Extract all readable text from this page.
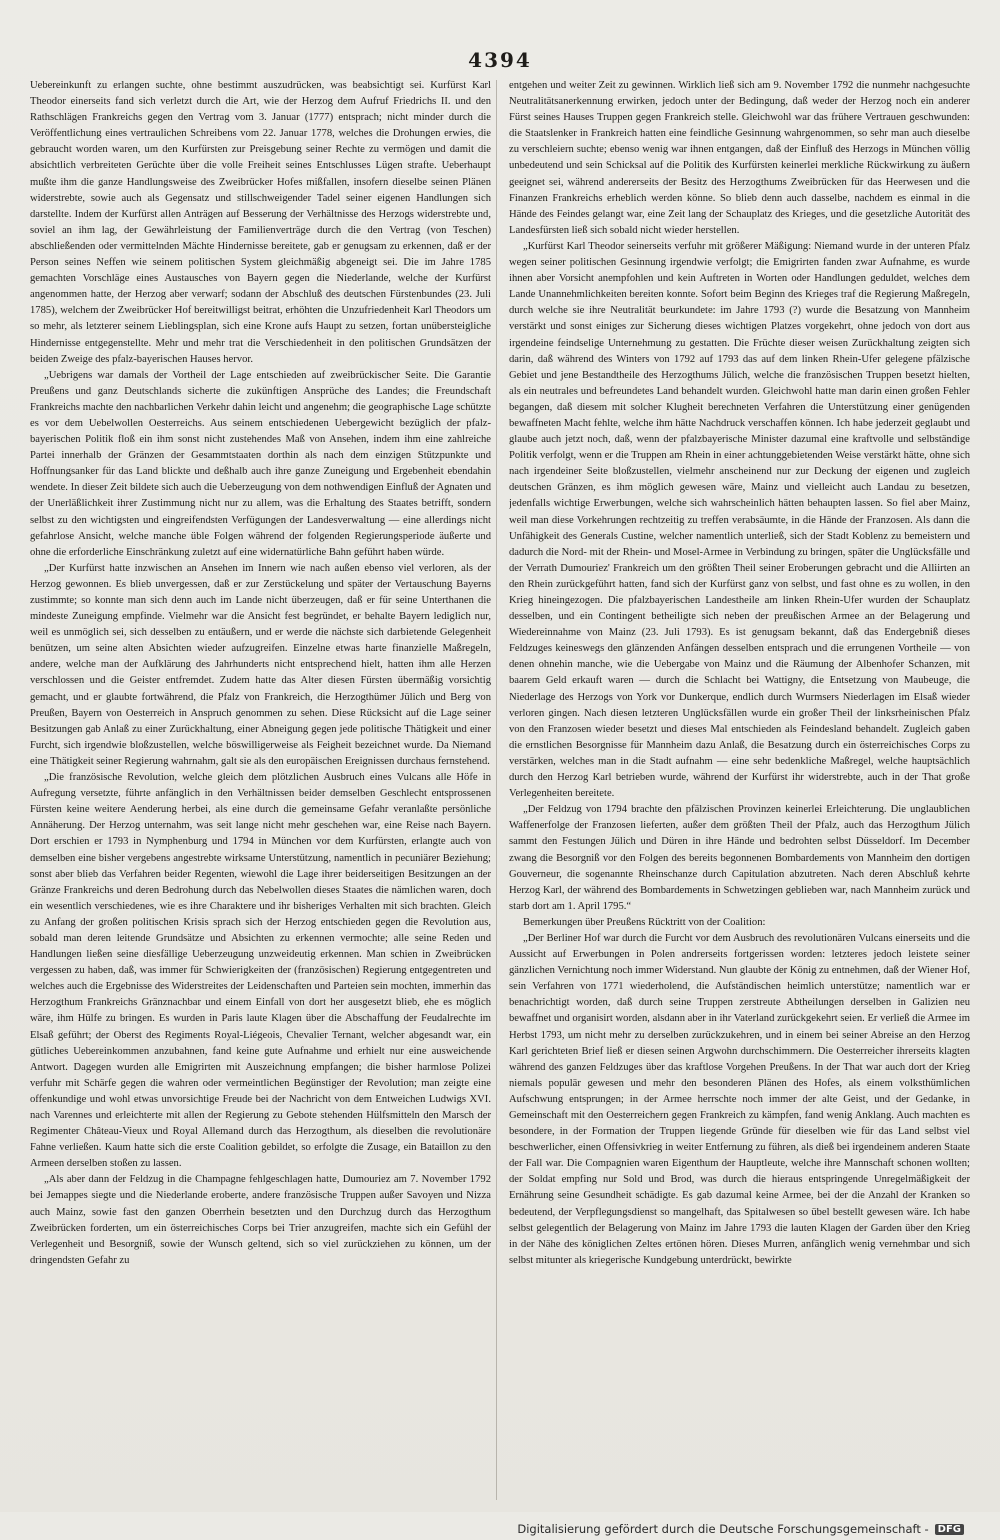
4394

Uebereinkunft zu erlangen suchte, ohne bestimmt auszudrücken, was beabsichtigt sei. Kurfürst Karl Theodor einerseits fand sich verletzt durch die Art, wie der Herzog dem Aufruf Friedrichs II. und den Rathschlägen Frankreichs gegen den Vertrag vom 3. Januar (1777) entsprach; nicht minder durch die Veröffentlichung eines vertraulichen Schreibens vom 22. Januar 1778, welches die Drohungen erwies, die gebraucht worden waren, um den Kurfürsten zur Preisgebung seiner Rechte zu vermögen und damit die absichtlich verbreiteten Gerüchte über die volle Freiheit seines Entschlusses Lügen strafte. Ueberhaupt mußte ihm die ganze Handlungsweise des Zweibrücker Hofes mißfallen, insofern dieselbe seinen Plänen widerstrebte, sowie auch als Gegensatz und stillschweigender Tadel seiner eigenen Handlungen sich darstellte. Indem der Kurfürst allen Anträgen auf Besserung der Verhältnisse des Herzogs widerstrebte und, soviel an ihm lag, der Gewährleistung der Familienverträge durch die den Vertrag (von Teschen) abschließenden oder vermittelnden Mächte Hindernisse bereitete, gab er genugsam zu erkennen, daß er der Person seines Neffen wie seinem politischen System gleichmäßig abgeneigt sei. Die im Jahre 1785 gemachten Vorschläge eines Austausches von Bayern gegen die Niederlande, welche der Kurfürst angenommen hatte, der Herzog aber verwarf; sodann der Abschluß des deutschen Fürstenbundes (23. Juli 1785), welchem der Zweibrücker Hof bereitwilligst beitrat, erhöhten die Unzufriedenheit Karl Theodors um so mehr, als letzterer seinem Lieblingsplan, sich eine Krone aufs Haupt zu setzen, fortan unübersteigliche Hindernisse entgegenstellte. Mehr und mehr trat die Verschiedenheit in den politischen Grundsätzen der beiden Zweige des pfalz-bayerischen Hauses hervor.

„Uebrigens war damals der Vortheil der Lage entschieden auf zweibrückischer Seite. Die Garantie Preußens und ganz Deutschlands sicherte die zukünftigen Ansprüche des Landes; die Freundschaft Frankreichs machte den nachbarlichen Verkehr dahin leicht und angenehm; die geographische Lage schützte es vor dem Uebelwollen Oesterreichs. Aus seinem entschiedenen Uebergewicht bezüglich der pfalz-bayerischen Politik floß ein ihm sonst nicht zustehendes Maß von Ansehen, indem ihm eine zahlreiche Partei innerhalb der Gränzen der Gesammtstaaten dorthin als nach dem einzigen Stützpunkte und Hoffnungsanker für das Land blickte und deßhalb auch ihre ganze Zuneigung und Ergebenheit ebendahin wendete. In dieser Zeit bildete sich auch die Ueberzeugung von dem nothwendigen Einfluß der Agnaten und der Unerläßlichkeit ihrer Zustimmung nicht nur zu allem, was die Erhaltung des Staates betrifft, sondern selbst zu den wichtigsten und eingreifendsten Verfügungen der Landesverwaltung — eine allerdings nicht gefahrlose Ansicht, welche manche üble Folgen während der folgenden Regierungsperiode äußerte und ohne die erforderliche Einschränkung zuletzt auf eine widernatürliche Bahn geführt haben würde.

„Der Kurfürst hatte inzwischen an Ansehen im Innern wie nach außen ebenso viel verloren, als der Herzog gewonnen. Es blieb unvergessen, daß er zur Zerstückelung und später der Vertauschung Bayerns zustimmte; so konnte man sich denn auch im Lande nicht überzeugen, daß er für seine Unterthanen die mindeste Zuneigung empfinde. Vielmehr war die Ansicht fest begründet, er behalte Bayern lediglich nur, weil es unmöglich sei, sich desselben zu entäußern, und er werde die nächste sich darbietende Gelegenheit benützen, um seine alten Absichten wieder aufzugreifen. Einzelne etwas harte finanzielle Maßregeln, andere, welche man der Aufklärung des Jahrhunderts nicht entsprechend hielt, hatten ihm alle Herzen verschlossen und die Geister entfremdet. Zudem hatte das Alter diesen Fürsten übermäßig vorsichtig gemacht, und er glaubte fortwährend, die Pfalz von Frankreich, die Herzogthümer Jülich und Berg von Preußen, Bayern von Oesterreich in Anspruch genommen zu sehen. Diese Rücksicht auf die Lage seiner Besitzungen gab Anlaß zu einer Zurückhaltung, einer Abneigung gegen jede politische Thätigkeit und einer Furcht, sich irgendwie bloßzustellen, welche böswilligerweise als Feigheit bezeichnet wurde. Da Niemand eine Thätigkeit seiner Regierung wahrnahm, galt sie als den europäischen Ereignissen durchaus fernstehend.

„Die französische Revolution, welche gleich dem plötzlichen Ausbruch eines Vulcans alle Höfe in Aufregung versetzte, führte anfänglich in den Verhältnissen beider demselben Geschlecht entsprossenen Fürsten keine weitere Aenderung herbei, als eine durch die gemeinsame Gefahr veranlaßte persönliche Annäherung. Der Herzog unternahm, was seit lange nicht mehr geschehen war, eine Reise nach Bayern. Dort erschien er 1793 in Nymphenburg und 1794 in München vor dem Kurfürsten, erlangte auch von demselben eine bisher vergebens angestrebte wirksame Unterstützung, namentlich in pecuniärer Beziehung; sonst aber blieb das Verfahren beider Regenten, wiewohl die Lage ihrer beiderseitigen Besitzungen an der Gränze Frankreichs und deren Bedrohung durch das Nebelwollen dieses Staates die nämlichen waren, doch ein wesentlich verschiedenes, wie es ihre Charaktere und ihr bisheriges Verhalten mit sich brachten. Gleich zu Anfang der großen politischen Krisis sprach sich der Herzog entschieden gegen die Revolution aus, sobald man deren leitende Grundsätze und Absichten zu erkennen vermochte; alle seine Reden und Handlungen ließen seine diesfällige Ueberzeugung unzweideutig erkennen. Man schien in Zweibrücken vergessen zu haben, daß, was immer für Schwierigkeiten der (französischen) Regierung entgegentreten und welches auch die Ergebnisse des Widerstreites der Leidenschaften und Parteien sein mochten, immerhin das Herzogthum Frankreichs Gränznachbar und einem Einfall von dort her ausgesetzt blieb, ehe es möglich wäre, ihm Hülfe zu bringen. Es wurden in Paris laute Klagen über die Abschaffung der Feudalrechte im Elsaß geführt; der Oberst des Regiments Royal-Liégeois, Chevalier Ternant, welcher abgesandt war, ein gütliches Uebereinkommen anzubahnen, fand keine gute Aufnahme und erhielt nur eine ausweichende Antwort. Dagegen wurden alle Emigrirten mit Auszeichnung empfangen; die bisher harmlose Polizei verfuhr mit Schärfe gegen die wahren oder vermeintlichen Begünstiger der Revolution; man zeigte eine offenkundige und wohl etwas unvorsichtige Freude bei der Nachricht von dem Entweichen Ludwigs XVI. nach Varennes und erleichterte mit allen der Regierung zu Gebote stehenden Hülfsmitteln den Marsch der Regimenter Château-Vieux und Royal Allemand durch das Herzogthum, als dieselben die revolutionäre Fahne verließen. Kaum hatte sich die erste Coalition gebildet, so erfolgte die Zusage, ein Bataillon zu den Armeen derselben stoßen zu lassen.

„Als aber dann der Feldzug in die Champagne fehlgeschlagen hatte, Dumouriez am 7. November 1792 bei Jemappes siegte und die Niederlande eroberte, andere französische Truppen außer Savoyen und Nizza auch Mainz, sowie fast den ganzen Oberrhein besetzten und den Durchzug durch das Herzogthum Zweibrücken forderten, um ein österreichisches Corps bei Trier anzugreifen, machte sich ein Gefühl der Verlegenheit und Besorgniß, sowie der Wunsch geltend, sich so viel zurückziehen zu können, um der dringendsten Gefahr zu

entgehen und weiter Zeit zu gewinnen. Wirklich ließ sich am 9. November 1792 die nunmehr nachgesuchte Neutralitätsanerkennung erwirken, jedoch unter der Bedingung, daß weder der Herzog noch ein anderer Fürst seines Hauses Truppen gegen Frankreich stelle. Gleichwohl war das frühere Vertrauen geschwunden: die Staatslenker in Frankreich hatten eine feindliche Gesinnung wahrgenommen, so sehr man auch dieselbe zu verschleiern suchte; ebenso wenig war ihnen entgangen, daß der Einfluß des Herzogs in München völlig unbedeutend und sein Schicksal auf die Politik des Kurfürsten keinerlei merkliche Rückwirkung zu äußern geeignet sei, während andererseits der Besitz des Herzogthums Zweibrücken für das Heerwesen und die Finanzen Frankreichs erheblich werden könne. So blieb denn auch dasselbe, nachdem es einmal in die Hände des Feindes gelangt war, eine Zeit lang der Schauplatz des Krieges, und die gesetzliche Autorität des Landesfürsten ließ sich sobald nicht wieder herstellen.

„Kurfürst Karl Theodor seinerseits verfuhr mit größerer Mäßigung: Niemand wurde in der unteren Pfalz wegen seiner politischen Gesinnung irgendwie verfolgt; die Emigrirten fanden zwar Aufnahme, es wurde ihnen aber Vorsicht anempfohlen und kein Auftreten in Worten oder Handlungen geduldet, welches dem Lande Unannehmlichkeiten bereiten konnte. Sofort beim Beginn des Krieges traf die Regierung Maßregeln, durch welche sie ihre Neutralität beurkundete: im Jahre 1793 (?) wurde die Besatzung von Mannheim verstärkt und sonst einiges zur Sicherung dieses wichtigen Platzes vorgekehrt, ohne jedoch von dort aus irgendeine feindselige Unternehmung zu gestatten. Die Früchte dieser weisen Zurückhaltung zeigten sich darin, daß während des Winters von 1792 auf 1793 das auf dem linken Rhein-Ufer gelegene pfälzische Gebiet und jene Bestandtheile des Herzogthums Jülich, welche die französischen Truppen besetzt hielten, als ein neutrales und befreundetes Land behandelt wurden. Gleichwohl hatte man darin einen großen Fehler begangen, daß diesem mit solcher Klugheit berechneten Verfahren die Unterstützung einer genügenden bewaffneten Macht fehlte, welche ihm hätte Nachdruck verschaffen können. Ich habe jederzeit geglaubt und glaube auch jetzt noch, daß, wenn der pfalzbayerische Minister dazumal eine kraftvolle und selbständige Politik verfolgt, wenn er die Truppen am Rhein in einer achtunggebietenden Weise verstärkt hätte, ohne sich nach irgendeiner Seite bloßzustellen, vielmehr anscheinend nur zur Deckung der eigenen und zugleich deutschen Gränzen, es ihm möglich gewesen wäre, Mainz und vielleicht auch Landau zu besetzen, jedenfalls wichtige Erwerbungen, welche sich wahrscheinlich hätten behaupten lassen. So fiel aber Mainz, weil man diese Vorkehrungen rechtzeitig zu treffen verabsäumte, in die Hände der Franzosen. Als dann die Unfähigkeit des Generals Custine, welcher namentlich unterließ, sich der Stadt Koblenz zu bemeistern und dadurch die Nord- mit der Rhein- und Mosel-Armee in Verbindung zu bringen, später die Unglücksfälle und der Verrath Dumouriez' Frankreich um den größten Theil seiner Eroberungen gebracht und die Alliirten an den Rhein zurückgeführt hatten, fand sich der Kurfürst ganz von selbst, und fast ohne es zu wollen, in den Krieg hineingezogen. Die pfalzbayerischen Landestheile am linken Rhein-Ufer wurden der Schauplatz desselben, und ein Contingent betheiligte sich neben der preußischen Armee an der Belagerung und Wiedereinnahme von Mainz (23. Juli 1793). Es ist genugsam bekannt, daß das Endergebniß dieses Feldzuges keineswegs den glänzenden Anfängen desselben entsprach und die errungenen Vortheile — von denen ohnehin manche, wie die Uebergabe von Mainz und die Räumung der Albenhofer Schanzen, mit baarem Geld erkauft waren — durch die Schlacht bei Wattigny, die Entsetzung von Maubeuge, die Niederlage des Herzogs von York vor Dunkerque, endlich durch Wurmsers Niederlagen im Elsaß wieder verloren gingen. Nach diesen letzteren Unglücksfällen wurde ein großer Theil der linksrheinischen Pfalz von den Franzosen wieder besetzt und dieses Mal entschieden als Feindesland behandelt. Zugleich gaben die ernstlichen Besorgnisse für Mannheim dazu Anlaß, die Besatzung durch ein österreichisches Corps zu verstärken, welches man in die Stadt aufnahm — eine sehr bedenkliche Maßregel, welche hauptsächlich durch den Herzog Karl betrieben wurde, während der Kurfürst ihr widerstrebte, auch in der That große Verlegenheiten bereitete.

„Der Feldzug von 1794 brachte den pfälzischen Provinzen keinerlei Erleichterung. Die unglaublichen Waffenerfolge der Franzosen lieferten, außer dem größten Theil der Pfalz, auch das Herzogthum Jülich sammt den Festungen Jülich und Düren in ihre Hände und bedrohten selbst Düsseldorf. Im December zwang die Besorgniß vor den Folgen des bereits begonnenen Bombardements von Mannheim den dortigen Gouverneur, die sogenannte Rheinschanze durch Capitulation abzutreten. Nach deren Abschluß kehrte Herzog Karl, der während des Bombardements in Schwetzingen geblieben war, nach Mannheim zurück und starb dort am 1. April 1795.“

Bemerkungen über Preußens Rücktritt von der Coalition:

„Der Berliner Hof war durch die Furcht vor dem Ausbruch des revolutionären Vulcans einerseits und die Aussicht auf Erwerbungen in Polen andrerseits fortgerissen worden: letzteres jedoch leistete seiner gänzlichen Vernichtung noch immer Widerstand. Nun glaubte der König zu entnehmen, daß der Wiener Hof, sein Verfahren von 1771 wiederholend, die Aufständischen heimlich unterstütze; namentlich war er benachrichtigt worden, daß durch seine Truppen zerstreute Abtheilungen derselben in Galizien neu bewaffnet und organisirt worden, alsdann aber in ihr Vaterland zurückgekehrt seien. Er verließ die Armee im Herbst 1793, um nicht mehr zu derselben zurückzukehren, und in einem bei seiner Abreise an den Herzog Karl gerichteten Brief ließ er diesen seinen Argwohn durchschimmern. Die Oesterreicher ihrerseits klagten während des ganzen Feldzuges über das kraftlose Vorgehen Preußens. In der That war auch dort der Krieg niemals populär gewesen und mehr den besonderen Plänen des Hofes, als einem volksthümlichen Aufschwung entsprungen; in der Armee herrschte noch immer der alte Geist, und der Gedanke, in Gemeinschaft mit den Oesterreichern gegen Frankreich zu kämpfen, fand wenig Anklang. Auch machten es besondere, in der Formation der Truppen liegende Gründe für dieselben wie für das Land selbst viel beschwerlicher, einen Offensivkrieg in weiter Entfernung zu führen, als dieß bei irgendeinem anderen Staate der Fall war. Die Compagnien waren Eigenthum der Hauptleute, welche ihre Mannschaft schonen wollten; der Soldat empfing nur Sold und Brod, was durch die hieraus entspringende Unregelmäßigkeit der Ernährung seine Gesundheit schädigte. Es gab dazumal keine Armee, bei der die Anzahl der Kranken so bedeutend, der Verpflegungsdienst so mangelhaft, das Spitalwesen so übel bestellt gewesen wäre. Ich habe selbst gelegentlich der Belagerung von Mainz im Jahre 1793 die lauten Klagen der Garden über den Krieg in der Nähe des königlichen Zeltes ertönen hören. Dieses Murren, anfänglich wenig vernehmbar und sich selbst mitunter als kriegerische Kundgebung unterdrückt, bewirkte

Digitalisierung gefördert durch die Deutsche Forschungsgemeinschaft - DFG
